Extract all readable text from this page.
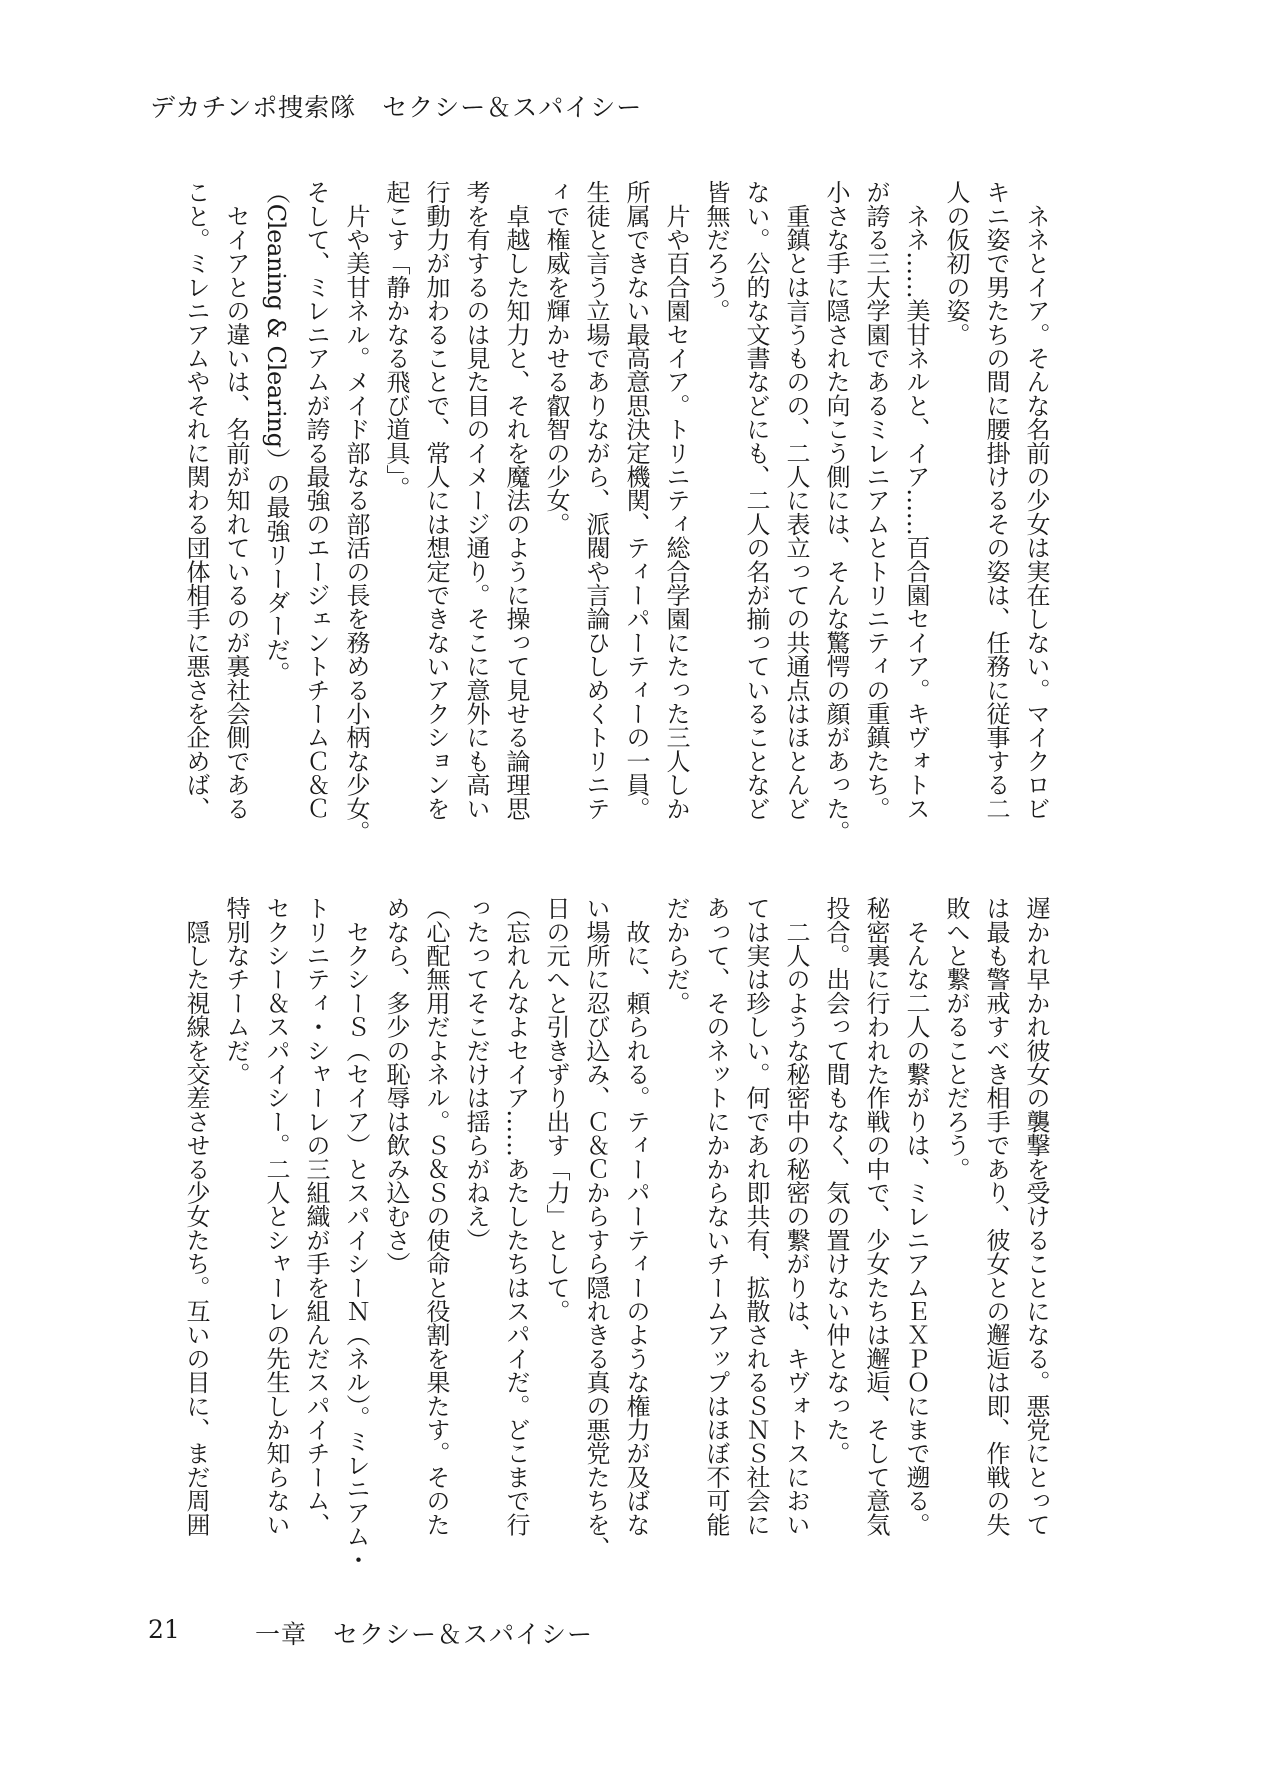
デカチンポ捜索隊　セクシー＆スパイシー
　ネネとイア。そんな名前の少女は実在しない。マイクロビ
キニ姿で男たちの間に腰掛けるその姿は、任務に従事する二
人の仮初の姿。
　ネネ……美甘ネルと、イア……百合園セイア。キヴォトス
が誇る三大学園であるミレニアムとトリニティの重鎮たち。
小さな手に隠された向こう側には、そんな驚愕の顔があった。
　重鎮とは言うものの、二人に表立っての共通点はほとんど
ない。公的な文書などにも、二人の名が揃っていることなど
皆無だろう。
　片や百合園セイア。トリニティ総合学園にたった三人しか
所属できない最高意思決定機関、ティーパーティーの一員。
生徒と言う立場でありながら、派閥や言論ひしめくトリニテ
ィで権威を輝かせる叡智の少女。
　卓越した知力と、それを魔法のように操って見せる論理思
考を有するのは見た目のイメージ通り。そこに意外にも高い
行動力が加わることで、常人には想定できないアクションを
起こす「静かなる飛び道具」。
　片や美甘ネル。メイド部なる部活の長を務める小柄な少女。
そして、ミレニアムが誇る最強のエージェントチームＣ＆Ｃ
（Cleaning & Clearing）の最強リーダーだ。
　セイアとの違いは、名前が知れているのが裏社会側である
こと。ミレニアムやそれに関わる団体相手に悪さを企めば、
遅かれ早かれ彼女の襲撃を受けることになる。悪党にとって
は最も警戒すべき相手であり、彼女との邂逅は即、作戦の失
敗へと繋がることだろう。
　そんな二人の繋がりは、ミレニアムＥＸＰＯにまで遡る。
秘密裏に行われた作戦の中で、少女たちは邂逅、そして意気
投合。出会って間もなく、気の置けない仲となった。
　二人のような秘密中の秘密の繋がりは、キヴォトスにおい
ては実は珍しい。何であれ即共有、拡散されるＳＮＳ社会に
あって、そのネットにかからないチームアップはほぼ不可能
だからだ。
　故に、頼られる。ティーパーティーのような権力が及ばな
い場所に忍び込み、Ｃ＆Ｃからすら隠れきる真の悪党たちを、
日の元へと引きずり出す「力」として。
（忘れんなよセイア……あたしたちはスパイだ。どこまで行
ったってそこだけは揺らがねえ）
（心配無用だよネル。Ｓ＆Ｓの使命と役割を果たす。そのた
めなら、多少の恥辱は飲み込むさ）
　セクシーＳ（セイア）とスパイシーＮ（ネル）。ミレニアム・
トリニティ・シャーレの三組織が手を組んだスパイチーム、
セクシー＆スパイシー。二人とシャーレの先生しか知らない
特別なチームだ。
　隠した視線を交差させる少女たち。互いの目に、まだ周囲
21	一章　セクシー＆スパイシー
